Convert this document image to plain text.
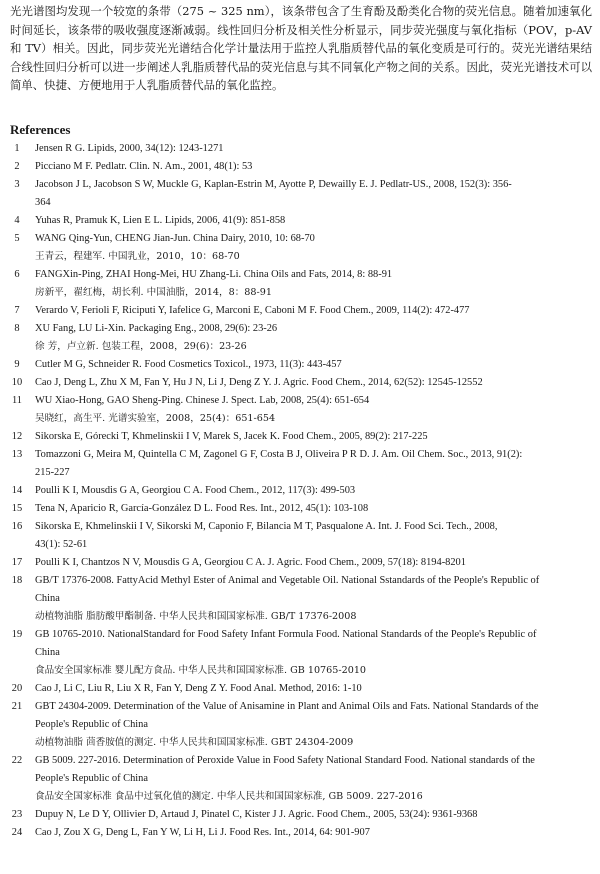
光光谱图均发现一个较宽的条带（275 ~ 325 nm），该条带包含了生育酚及酚类化合物的荧光信息。随着加速氧化时间延长，该条带的吸收强度逐渐减弱。线性回归分析及相关性分析显示，同步荧光强度与氧化指标（POV，p-AV 和 TV）相关。因此，同步荧光光谱结合化学计量法用于监控人乳脂质替代品的氧化变质是可行的。荧光光谱结果结合线性回归分析可以进一步阐述人乳脂质替代品的荧光信息与其不同氧化产物之间的关系。因此，荧光光谱技术可以简单、快捷、方便地用于人乳脂质替代品的氧化监控。
References
1	Jensen R G. Lipids, 2000, 34(12): 1243-1271
2	Picciano M F. Pedlatr. Clin. N. Am., 2001, 48(1): 53
3	Jacobson J L, Jacobson S W, Muckle G, Kaplan-Estrin M, Ayotte P, Dewailly E. J. Pedlatr-US., 2008, 152(3): 356-
364
4	Yuhas R, Pramuk K, Lien E L. Lipids, 2006, 41(9): 851-858
5	WANG Qing-Yun, CHENG Jian-Jun. China Dairy, 2010, 10: 68-70
王青云，程建军. 中国乳业，2010，10：68-70
6	FANGXin-Ping, ZHAI Hong-Mei, HU Zhang-Li. China Oils and Fats, 2014, 8: 88-91
房新平，翟红梅，胡长利. 中国油脂，2014，8：88-91
7	Verardo V, Ferioli F, Riciputi Y, Iafelice G, Marconi E, Caboni M F. Food Chem., 2009, 114(2): 472-477
8	XU Fang, LU Li-Xin. Packaging Eng., 2008, 29(6): 23-26
徐 芳，卢立新. 包装工程，2008，29(6)：23-26
9	Cutler M G, Schneider R. Food Cosmetics Toxicol., 1973, 11(3): 443-457
10 Cao J, Deng L, Zhu X M, Fan Y, Hu J N, Li J, Deng Z Y. J. Agric. Food Chem., 2014, 62(52): 12545-12552
11 WU Xiao-Hong, GAO Sheng-Ping. Chinese J. Spect. Lab, 2008, 25(4): 651-654
吴晓红，高生平. 光谱实验室，2008，25(4)：651-654
12 Sikorska E, Górecki T, Khmelinskii I V, Marek S, Jacek K. Food Chem., 2005, 89(2): 217-225
13 Tomazzoni G, Meira M, Quintella C M, Zagonel G F, Costa B J, Oliveira P R D. J. Am. Oil Chem. Soc., 2013, 91(2):
215-227
14 Poulli K I, Mousdis G A, Georgiou C A. Food Chem., 2012, 117(3): 499-503
15 Tena N, Aparicio R, García-González D L. Food Res. Int., 2012, 45(1): 103-108
16 Sikorska E, Khmelinskii I V, Sikorski M, Caponio F, Bilancia M T, Pasqualone A. Int. J. Food Sci. Tech., 2008,
43(1): 52-61
17 Poulli K I, Chantzos N V, Mousdis G A, Georgiou C A. J. Agric. Food Chem., 2009, 57(18): 8194-8201
18 GB/T 17376-2008. FattyAcid Methyl Ester of Animal and Vegetable Oil. National Sstandards of the People's Republic of
China
动植物油脂 脂肪酸甲酯制备. 中华人民共和国国家标准. GB/T 17376-2008
19 GB 10765-2010. NationalStandard for Food Safety Infant Formula Food. National Standards of the People's Republic of
China
食品安全国家标准 婴儿配方食品. 中华人民共和国国家标准. GB 10765-2010
20 Cao J, Li C, Liu R, Liu X R, Fan Y, Deng Z Y. Food Anal. Method, 2016: 1-10
21 GBT 24304-2009. Determination of the Value of Anisamine in Plant and Animal Oils and Fats. National Standards of the
People's Republic of China
动植物油脂 茴香胺值的测定. 中华人民共和国国家标准. GBT 24304-2009
22 GB 5009. 227-2016. Determination of Peroxide Value in Food Safety National Standard Food. National standards of the
People's Republic of China
食品安全国家标准 食品中过氧化值的测定. 中华人民共和国国家标准, GB 5009. 227-2016
23 Dupuy N, Le D Y, Ollivier D, Artaud J, Pinatel C, Kister J J. Agric. Food Chem., 2005, 53(24): 9361-9368
24 Cao J, Zou X G, Deng L, Fan Y W, Li H, Li J. Food Res. Int., 2014, 64: 901-907
